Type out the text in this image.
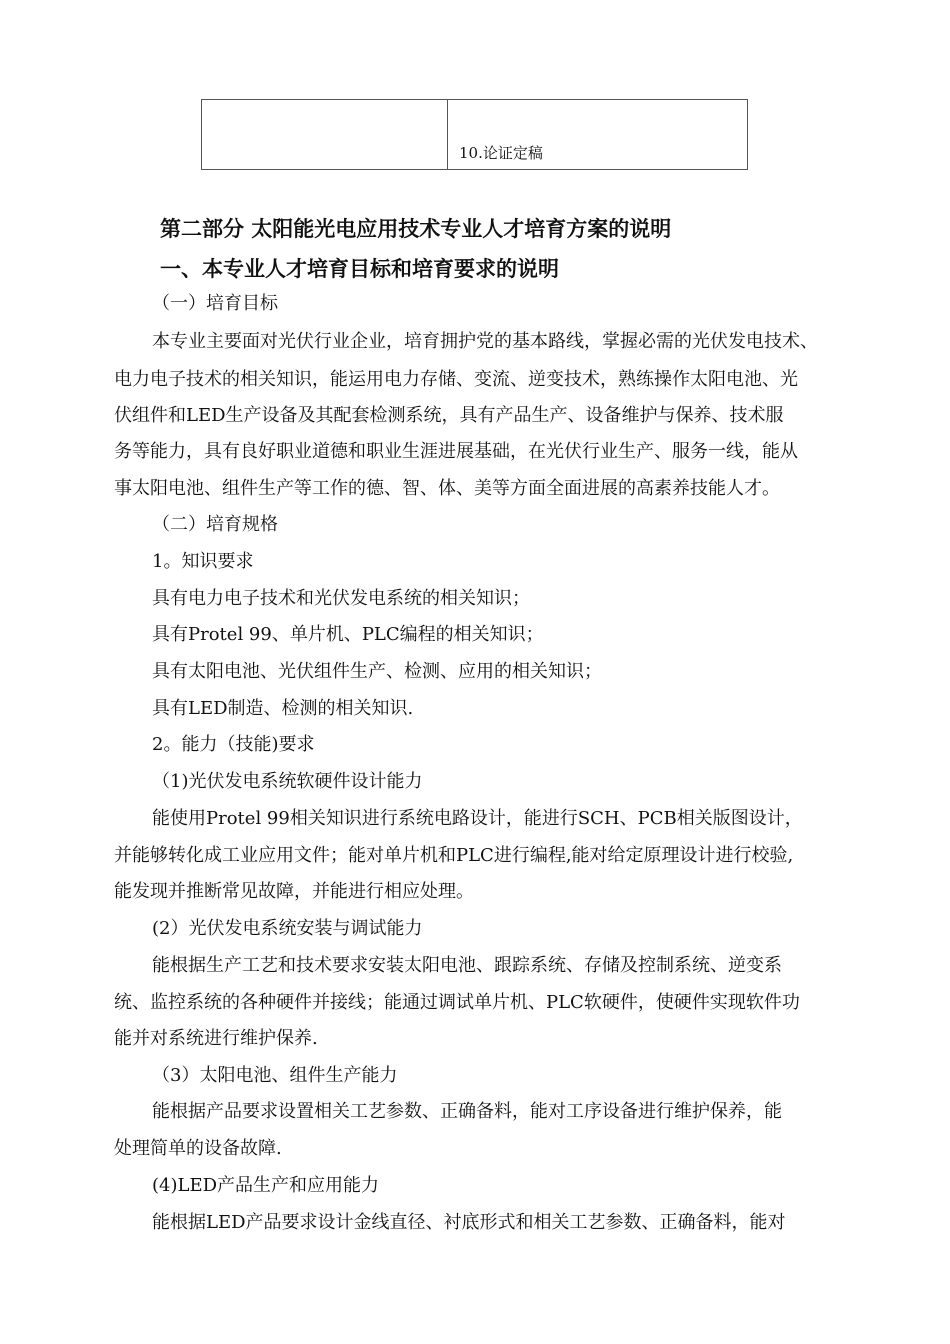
10.论证定稿
第二部分 太阳能光电应用技术专业人才培育方案的说明
一、本专业人才培育目标和培育要求的说明
（一）培育目标
本专业主要面对光伏行业企业，培育拥护党的基本路线，掌握必需的光伏发电技术、
电力电子技术的相关知识，能运用电力存储、变流、逆变技术，熟练操作太阳电池、光
伏组件和LED生产设备及其配套检测系统，具有产品生产、设备维护与保养、技术服
务等能力，具有良好职业道德和职业生涯进展基础，在光伏行业生产、服务一线，能从
事太阳电池、组件生产等工作的德、智、体、美等方面全面进展的高素养技能人才。
（二）培育规格
1。知识要求
具有电力电子技术和光伏发电系统的相关知识；
具有Protel 99、单片机、PLC编程的相关知识；
具有太阳电池、光伏组件生产、检测、应用的相关知识；
具有LED制造、检测的相关知识.
2。能力（技能)要求
（1)光伏发电系统软硬件设计能力
能使用Protel 99相关知识进行系统电路设计，能进行SCH、PCB相关版图设计，
并能够转化成工业应用文件；能对单片机和PLC进行编程,能对给定原理设计进行校验,
能发现并推断常见故障，并能进行相应处理。
(2）光伏发电系统安装与调试能力
能根据生产工艺和技术要求安装太阳电池、跟踪系统、存储及控制系统、逆变系
统、监控系统的各种硬件并接线；能通过调试单片机、PLC软硬件，使硬件实现软件功
能并对系统进行维护保养.
（3）太阳电池、组件生产能力
能根据产品要求设置相关工艺参数、正确备料，能对工序设备进行维护保养，能
处理简单的设备故障.
(4)LED产品生产和应用能力
能根据LED产品要求设计金线直径、衬底形式和相关工艺参数、正确备料，能对
